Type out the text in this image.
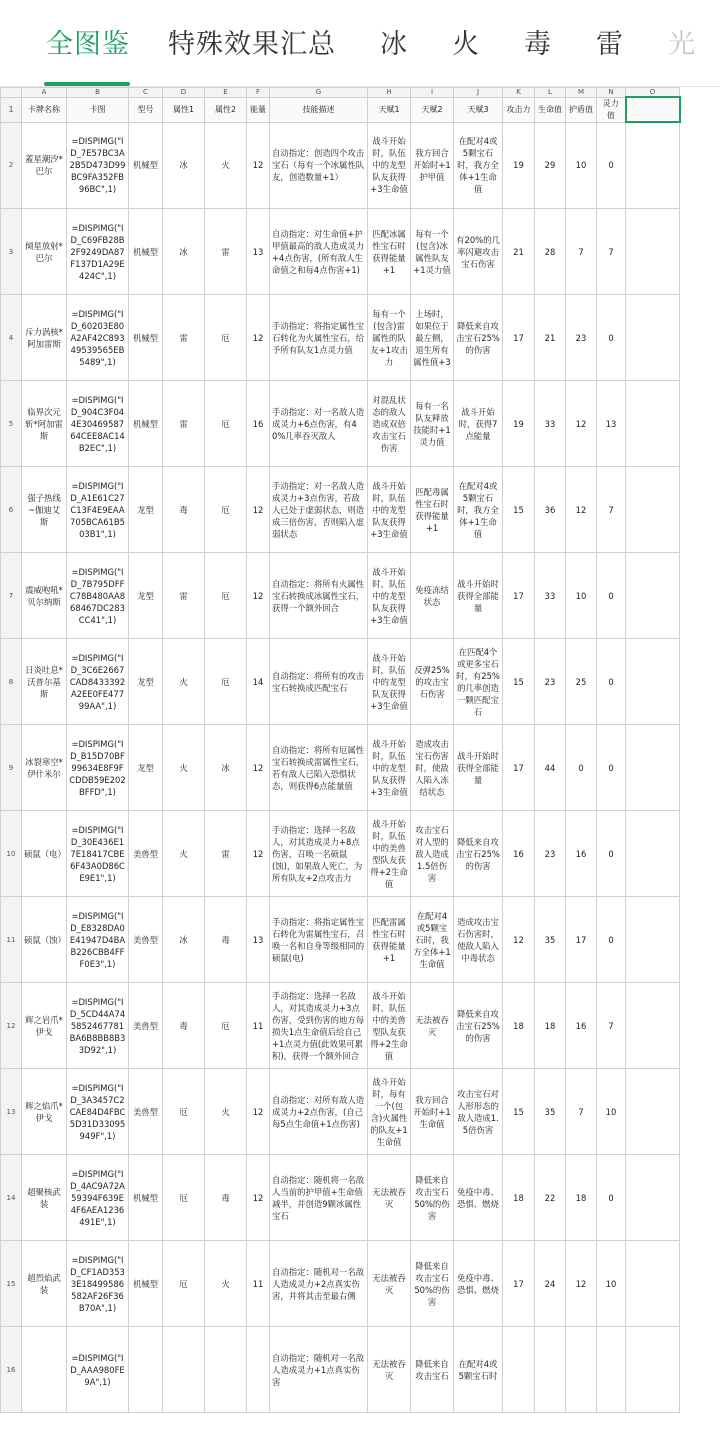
全图鉴 特殊效果汇总 冰 火 毒 雷 光
	A	B	C	D	E	F	G	H	I	J	K	L	M	N	O
1	卡牌名称	卡图	型号	属性1	属性2	能量	技能描述	天赋1	天赋2	天赋3	攻击力	生命值	护盾值	灵力值	
2	蓋星潮汐*巴尔	=DISPIMG("ID_7E57BC3A2B5D473D99BC9FA352FB96BC",1)	机械型	冰	火	12	自动指定：创造四个攻击宝石（每有一个冰属性队友，创造数量+1）	战斗开始时，队伍中的龙型队友获得+3生命值	我方回合开始时+1护甲值	在配对4或5颗宝石时，我方全体+1生命值	19	29	10	0	
3	倾星放射*巴尔	=DISPIMG("ID_C69FB28B2F9249DA87F137D1A29E424C",1)	机械型	冰	雷	13	自动指定：对生命值+护甲值最高的敌人造成灵力+4点伤害，(所有敌人生命值之和每4点伤害+1)	匹配冰属性宝石时获得能量+1	每有一个(包含)冰属性队友+1灵力值	有20%的几率闪避攻击宝石伤害	21	28	7	7	
4	斥力涡核*阿加雷斯	=DISPIMG("ID_60203E80A2AF42C89349539565EB5489",1)	机械型	雷	厄	12	手动指定：将指定属性宝石转化为火属性宝石，给予所有队友1点灵力值	每有一个(包含)雷属性的队友+1攻击力	上场时，如果位于最左侧，退生所有属性值+3	降低来自攻击宝石25%的伤害	17	21	23	0	
5	临界次元斩*阿加雷斯	=DISPIMG("ID_904C3F044E3046958764CEE8AC14B2EC",1)	机械型	雷	厄	16	手动指定：对一名敌人造成灵力+6点伤害，有40%几率吞灭敌人	对混乱状态的敌人造成双倍攻击宝石伤害	每有一名队友释放技能时+1灵力值	战斗开始时，获得7点能量	19	33	12	13	
6	强子热线~伽迪艾斯	=DISPIMG("ID_A1E61C27C13F4E9EAA705BCA61B503B1",1)	龙型	毒	厄	12	手动指定：对一名敌人造成灵力+3点伤害，若敌人已处于虚弱状态，则造成三倍伤害，否则陷入虚弱状态	战斗开始时，队伍中的龙型队友获得+3生命值	匹配毒属性宝石时获得能量+1	在配对4或5颗宝石时，我方全体+1生命值	15	36	12	7	
7	震威咆吼*贝尔纳斯	=DISPIMG("ID_7B795DFFC78B480AA868467DC283CC41",1)	龙型	雷	厄	12	自动指定：将所有火属性宝石转换成冰属性宝石，获得一个额外回合	战斗开始时，队伍中的龙型队友获得+3生命值	免疫冻结状态	战斗开始时获得全部能量	17	33	10	0	
8	日炎吐息*沃普尔基斯	=DISPIMG("ID_3C6E2667CAD8433392A2EE0FE47799AA",1)	龙型	火	厄	14	自动指定：将所有的攻击宝石转换成匹配宝石	战斗开始时，队伍中的龙型队友获得+3生命值	反弹25%的攻击宝石伤害	在匹配4个或更多宝石时，有25%的几率创造一颗匹配宝石	15	23	25	0	
9	冰裂寒空*伊什米尔	=DISPIMG("ID_B15D70BF99634E8F9FCDDB59E202BFFD",1)	龙型	火	冰	12	自动指定：将所有厄属性宝石转换成雷属性宝石，若有敌人已陷入恐惧状态，则获得6点能量值	战斗开始时，队伍中的龙型队友获得+3生命值	造成攻击宝石伤害时，使敌人陷入冻结状态	战斗开始时获得全部能量	17	44	0	0	
10	硕鼠（电）	=DISPIMG("ID_30E436E17E18417CBE6F43A0D86CE9E1",1)	美兽型	火	雷	12	手动指定：选择一名敌人，对其造成灵力+8点伤害，召唤一名硕鼠(蚀)，如果敌人死亡，为所有队友+2点攻击力	战斗开始时，队伍中的美兽型队友获得+2生命值	攻击宝石对人型的敌人造成1.5倍伤害	降低来自攻击宝石25%的伤害	16	23	16	0	
11	硕鼠（蚀）	=DISPIMG("ID_E8328DA0E41947D4BAB226CBB4FFF0E3",1)	美兽型	冰	毒	13	手动指定：将指定属性宝石转化为雷属性宝石，召唤一名和自身等级相同的硕鼠(电)	匹配雷属性宝石时获得能量+1	在配对4或5颗宝石时，我方全体+1生命值	造成攻击宝石伤害时，使敌人陷入中毒状态	12	35	17	0	
12	辉之岩爪*伊戈	=DISPIMG("ID_5CD44A745852467781BA6B8BB8B33D92",1)	美兽型	毒	厄	11	手动指定：选择一名敌人，对其造成灵力+3点伤害，受到伤害的地方每损失1点生命值后给自己+1点灵力值(此效果可累积)，获得一个额外回合	战斗开始时，队伍中的美兽型队友获得+2生命值	无法被吞灭	降低来自攻击宝石25%的伤害	18	18	16	7	
13	辉之焰爪*伊戈	=DISPIMG("ID_3A3457C2CAE84D4FBC5D31D33095949F",1)	美兽型	厄	火	12	自动指定：对所有敌人造成灵力+2点伤害，(自己每5点生命值+1点伤害)	战斗开始时，每有一个(包含)火属性的队友+1生命值	我方回合开始时+1生命值	攻击宝石对人形形态的敌人造成1.5倍伤害	15	35	7	10	
14	超聚核武装	=DISPIMG("ID_4AC9A72A59394F639E4F6AEA1236491E",1)	机械型	厄	毒	12	自动指定：随机将一名敌人当前的护甲值+生命值减半，并创造9颗冰属性宝石	无法被吞灭	降低来自攻击宝石50%的伤害	免疫中毒、恐惧、燃烧	18	22	18	0	
15	超烈焰武装	=DISPIMG("ID_CF1AD3533E18499586582AF26F36B70A",1)	机械型	厄	火	11	自动指定：随机对一名敌人造成灵力+2点真实伤害，并将其击至最右侧	无法被吞灭	降低来自攻击宝石50%的伤害	免疫中毒、恐惧、燃烧	17	24	12	10	
16		=DISPIMG("ID_AAA980FE9A",1)					自动指定：随机对一名敌人造成灵力+1点真实伤害	无法被吞灭	降低来自攻击宝石	在配对4或5颗宝石时					
